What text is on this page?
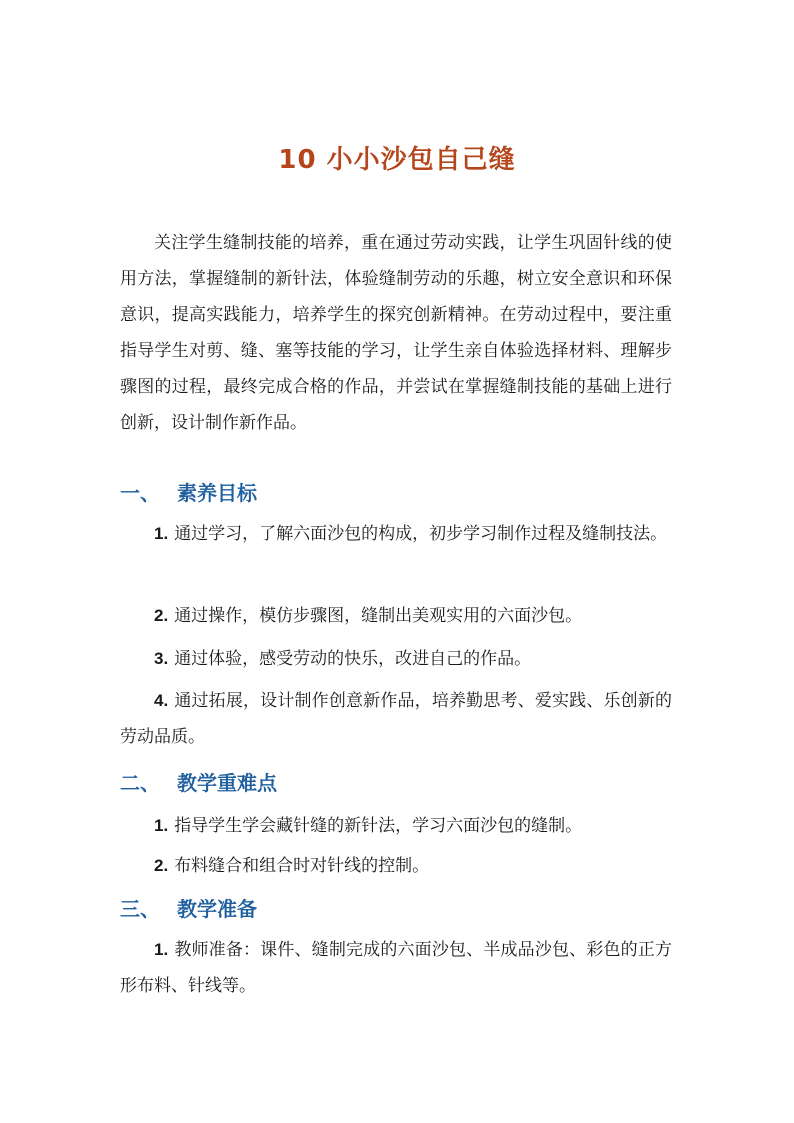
10 小小沙包自己缝

关注学生缝制技能的培养，重在通过劳动实践，让学生巩固针线的使用方法，掌握缝制的新针法，体验缝制劳动的乐趣，树立安全意识和环保意识，提高实践能力，培养学生的探究创新精神。在劳动过程中，要注重指导学生对剪、缝、塞等技能的学习，让学生亲自体验选择材料、理解步骤图的过程，最终完成合格的作品，并尝试在掌握缝制技能的基础上进行创新，设计制作新作品。

一、 素养目标

1. 通过学习，了解六面沙包的构成，初步学习制作过程及缝制技法。

2. 通过操作，模仿步骤图，缝制出美观实用的六面沙包。

3. 通过体验，感受劳动的快乐，改进自己的作品。

4. 通过拓展，设计制作创意新作品，培养勤思考、爱实践、乐创新的劳动品质。

二、 教学重难点

1. 指导学生学会藏针缝的新针法，学习六面沙包的缝制。

2. 布料缝合和组合时对针线的控制。

三、 教学准备

1. 教师准备：课件、缝制完成的六面沙包、半成品沙包、彩色的正方形布料、针线等。
